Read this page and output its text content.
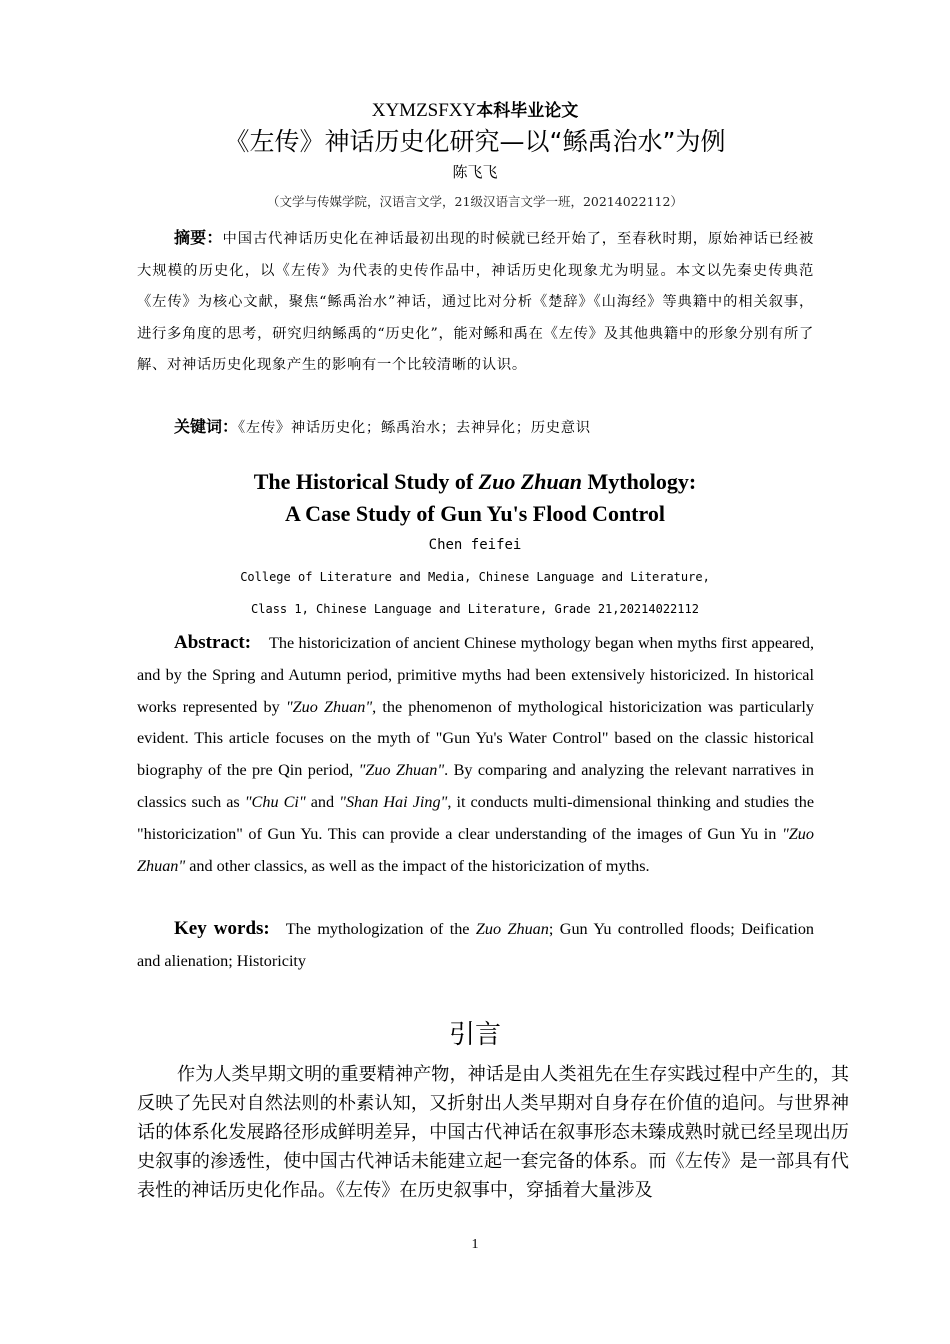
XYMZSFXY本科毕业论文
《左传》神话历史化研究—以“鲧禹治水”为例
陈飞飞
（文学与传媒学院，汉语言文学，21级汉语言文学一班，20214022112）

摘要：中国古代神话历史化在神话最初出现的时候就已经开始了，至春秋时期，原始神话已经被大规模的历史化，以《左传》为代表的史传作品中，神话历史化现象尤为明显。本文以先秦史传典范《左传》为核心文献，聚焦“鲧禹治水”神话，通过比对分析《楚辞》《山海经》等典籍中的相关叙事，进行多角度的思考，研究归纳鲧禹的“历史化”，能对鲧和禹在《左传》及其他典籍中的形象分别有所了解、对神话历史化现象产生的影响有一个比较清晰的认识。

关键词：《左传》神话历史化；鲧禹治水；去神异化；历史意识
The Historical Study of Zuo Zhuan Mythology:
A Case Study of Gun Yu's Flood Control
Chen feifei
College of Literature and Media, Chinese Language and Literature,
Class 1, Chinese Language and Literature, Grade 21,20214022112

Abstract: The historicization of ancient Chinese mythology began when myths first appeared, and by the Spring and Autumn period, primitive myths had been extensively historicized. In historical works represented by "Zuo Zhuan", the phenomenon of mythological historicization was particularly evident. This article focuses on the myth of "Gun Yu's Water Control" based on the classic historical biography of the pre Qin period, "Zuo Zhuan". By comparing and analyzing the relevant narratives in classics such as "Chu Ci" and "Shan Hai Jing", it conducts multi-dimensional thinking and studies the "historicization" of Gun Yu. This can provide a clear understanding of the images of Gun Yu in "Zuo Zhuan" and other classics, as well as the impact of the historicization of myths.

Key words: The mythologization of the Zuo Zhuan; Gun Yu controlled floods; Deification and alienation; Historicity

引言

作为人类早期文明的重要精神产物，神话是由人类祖先在生存实践过程中产生的，其反映了先民对自然法则的朴素认知，又折射出人类早期对自身存在价值的追问。与世界神话的体系化发展路径形成鲜明差异，中国古代神话在叙事形态未臻成熟时就已经呈现出历史叙事的渗透性，使中国古代神话未能建立起一套完备的体系。而《左传》是一部具有代表性的神话历史化作品。《左传》在历史叙事中，穿插着大量涉及

1
